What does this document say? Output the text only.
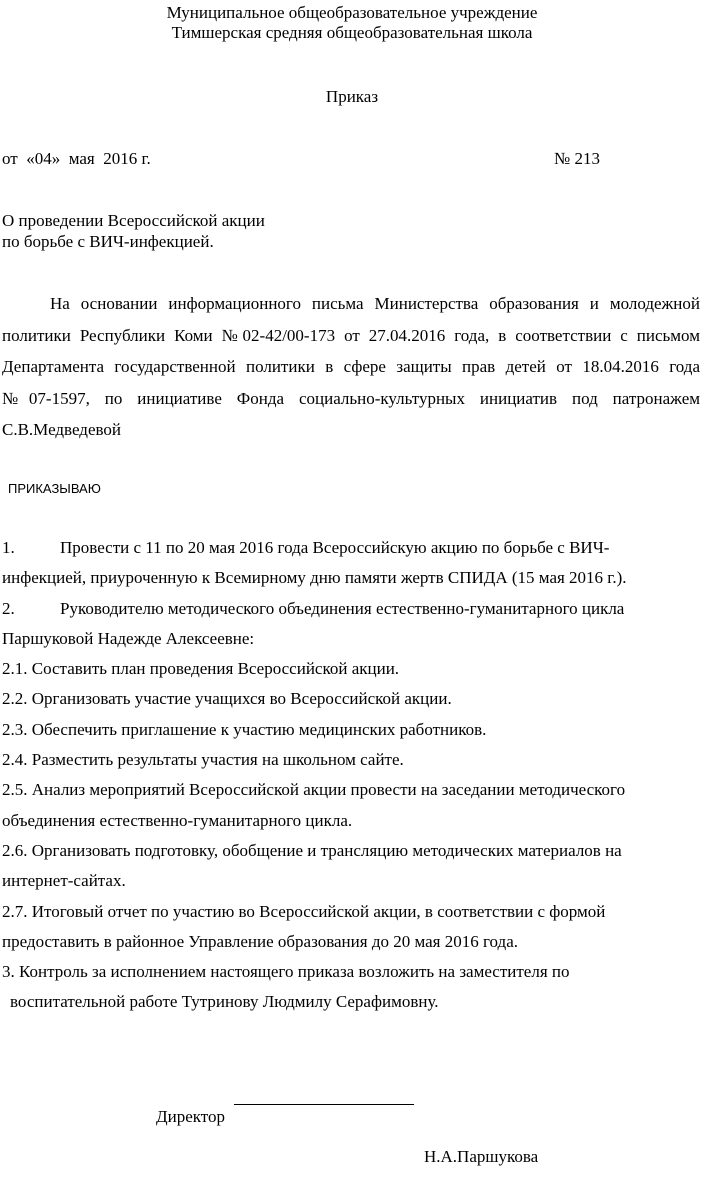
Муниципальное общеобразовательное учреждение
Тимшерская средняя общеобразовательная школа
Приказ
от  «04»  мая  2016 г.	№ 213
О проведении Всероссийской акции
по борьбе с ВИЧ-инфекцией.
На основании информационного письма Министерства образования и молодежной
политики Республики Коми №02-42/00-173 от 27.04.2016 года, в соответствии с письмом
Департамента государственной политики в сфере защиты прав детей от 18.04.2016 года
№07-1597, по инициативе Фонда социально-культурных инициатив под патронажем
С.В.Медведевой
ПРИКАЗЫВАЮ
1.	Провести с 11 по 20 мая 2016 года Всероссийскую акцию по борьбе с ВИЧ-
инфекцией, приуроченную к Всемирному дню памяти жертв СПИДА (15 мая 2016 г.).
2.	Руководителю методического объединения естественно-гуманитарного цикла
Паршуковой Надежде Алексеевне:
2.1. Составить план проведения Всероссийской акции.
2.2. Организовать участие учащихся во Всероссийской акции.
2.3. Обеспечить приглашение к участию медицинских работников.
2.4. Разместить результаты участия на школьном сайте.
2.5. Анализ мероприятий Всероссийской акции провести на заседании методического
объединения естественно-гуманитарного цикла.
2.6. Организовать подготовку, обобщение и трансляцию методических материалов на
интернет-сайтах.
2.7. Итоговый отчет по участию во Всероссийской акции, в соответствии с формой
предоставить в районное Управление образования до 20 мая 2016 года.
3. Контроль за исполнением настоящего приказа возложить на заместителя по
воспитательной работе Тутринову Людмилу Серафимовну.

Директор

Н.А.Паршукова
